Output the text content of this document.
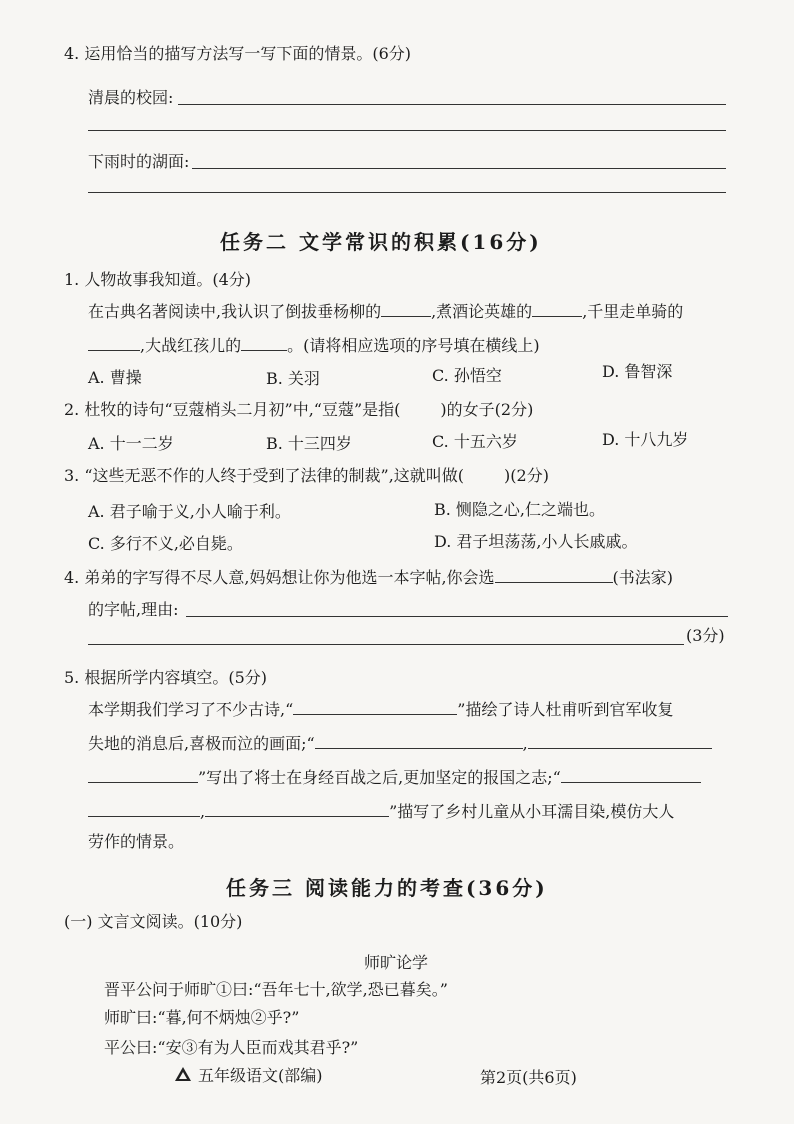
4. 运用恰当的描写方法写一写下面的情景。(6分)
清晨的校园:
下雨时的湖面:
任务二 文学常识的积累(16分)
1. 人物故事我知道。(4分)
在古典名著阅读中,我认识了倒拔垂杨柳的	,煮酒论英雄的	,千里走单骑的
,大战红孩儿的	。(请将相应选项的序号填在横线上)
A. 曹操	B. 关羽	C. 孙悟空	D. 鲁智深
2. 杜牧的诗句“豆蔻梢头二月初”中,“豆蔻”是指(	)的女子(2分)
A. 十一二岁	B. 十三四岁	C. 十五六岁	D. 十八九岁
3. “这些无恶不作的人终于受到了法律的制裁”,这就叫做(	)(2分)
A. 君子喻于义,小人喻于利。	B. 恻隐之心,仁之端也。
C. 多行不义,必自毙。	D. 君子坦荡荡,小人长戚戚。
4. 弟弟的字写得不尽人意,妈妈想让你为他选一本字帖,你会选	(书法家)
的字帖,理由:
(3分)
5. 根据所学内容填空。(5分)
本学期我们学习了不少古诗,“	”描绘了诗人杜甫听到官军收复
失地的消息后,喜极而泣的画面;“	,
”写出了将士在身经百战之后,更加坚定的报国之志;“
,	”描写了乡村儿童从小耳濡目染,模仿大人
劳作的情景。
任务三 阅读能力的考查(36分)
(一) 文言文阅读。(10分)
师旷论学
晋平公问于师旷①曰:“吾年七十,欲学,恐已暮矣。”
师旷曰:“暮,何不炳烛②乎?”
平公曰:“安③有为人臣而戏其君乎?”
五年级语文(部编)	第2页(共6页)
